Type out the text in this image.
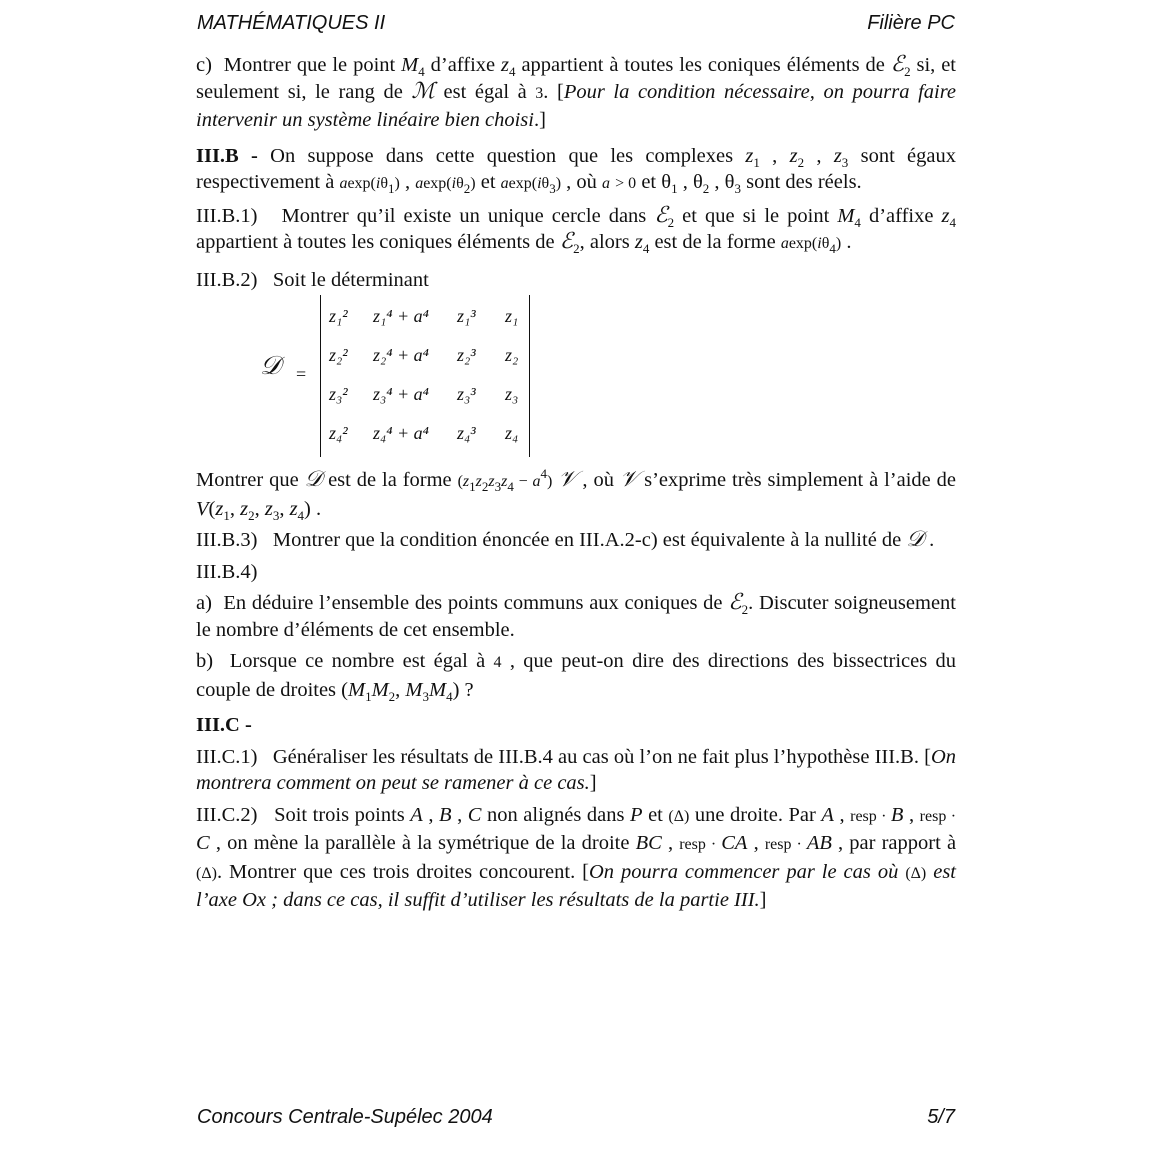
MATHÉMATIQUES II	Filière PC

c)  Montrer que le point $M_4$ d’affixe $z_4$ appartient à toutes les coniques éléments de ℰ$_2$ si, et seulement si, le rang de ℳ est égal à 3. [Pour la condition nécessaire, on pourra faire intervenir un système linéaire bien choisi.]

III.B - On suppose dans cette question que les complexes $z_1$ , $z_2$ , $z_3$ sont égaux respectivement à $aexp(i\theta_1)$ , $aexp(i\theta_2)$ et $aexp(i\theta_3)$ , où a > 0 et $\theta_1$ , $\theta_2$ , $\theta_3$ sont des réels.

III.B.1)   Montrer qu’il existe un unique cercle dans ℰ$_2$ et que si le point $M_4$ d’affixe $z_4$ appartient à toutes les coniques éléments de ℰ$_2$, alors $z_4$ est de la forme $aexp(i\theta_4)$ .

III.B.2)   Soit le déterminant

𝒟 =
z₁²	z₁⁴ + a⁴	z₁³	z₁
z₂²	z₂⁴ + a⁴	z₂³	z₂
z₃²	z₃⁴ + a⁴	z₃³	z₃
z₄²	z₄⁴ + a⁴	z₄³	z₄

Montrer que 𝒟 est de la forme $(z_1z_2z_3z_4 - a^4)$ 𝒱 , où 𝒱 s’exprime très simplement à l’aide de $V(z_1$, $z_2$, $z_3$, $z_4$) .

III.B.3)   Montrer que la condition énoncée en III.A.2-c) est équivalente à la nullité de 𝒟 .

III.B.4)

a)  En déduire l’ensemble des points communs aux coniques de ℰ$_2$. Discuter soigneusement le nombre d’éléments de cet ensemble.

b)  Lorsque ce nombre est égal à 4 , que peut-on dire des directions des bissectrices du couple de droites ($M_1M_2$, $M_3M_4$) ?

III.C -

III.C.1)   Généraliser les résultats de III.B.4 au cas où l’on ne fait plus l’hypothèse III.B. [On montrera comment on peut se ramener à ce cas.]

III.C.2)   Soit trois points A , B , C non alignés dans P et (Δ) une droite. Par A , resp · B , resp · C , on mène la parallèle à la symétrique de la droite BC , resp · CA , resp · AB , par rapport à (Δ). Montrer que ces trois droites concourent. [On pourra commencer par le cas où (Δ) est l’axe Ox ; dans ce cas, il suffit d’utiliser les résultats de la partie III.]

Concours Centrale-Supélec 2004	5/7
